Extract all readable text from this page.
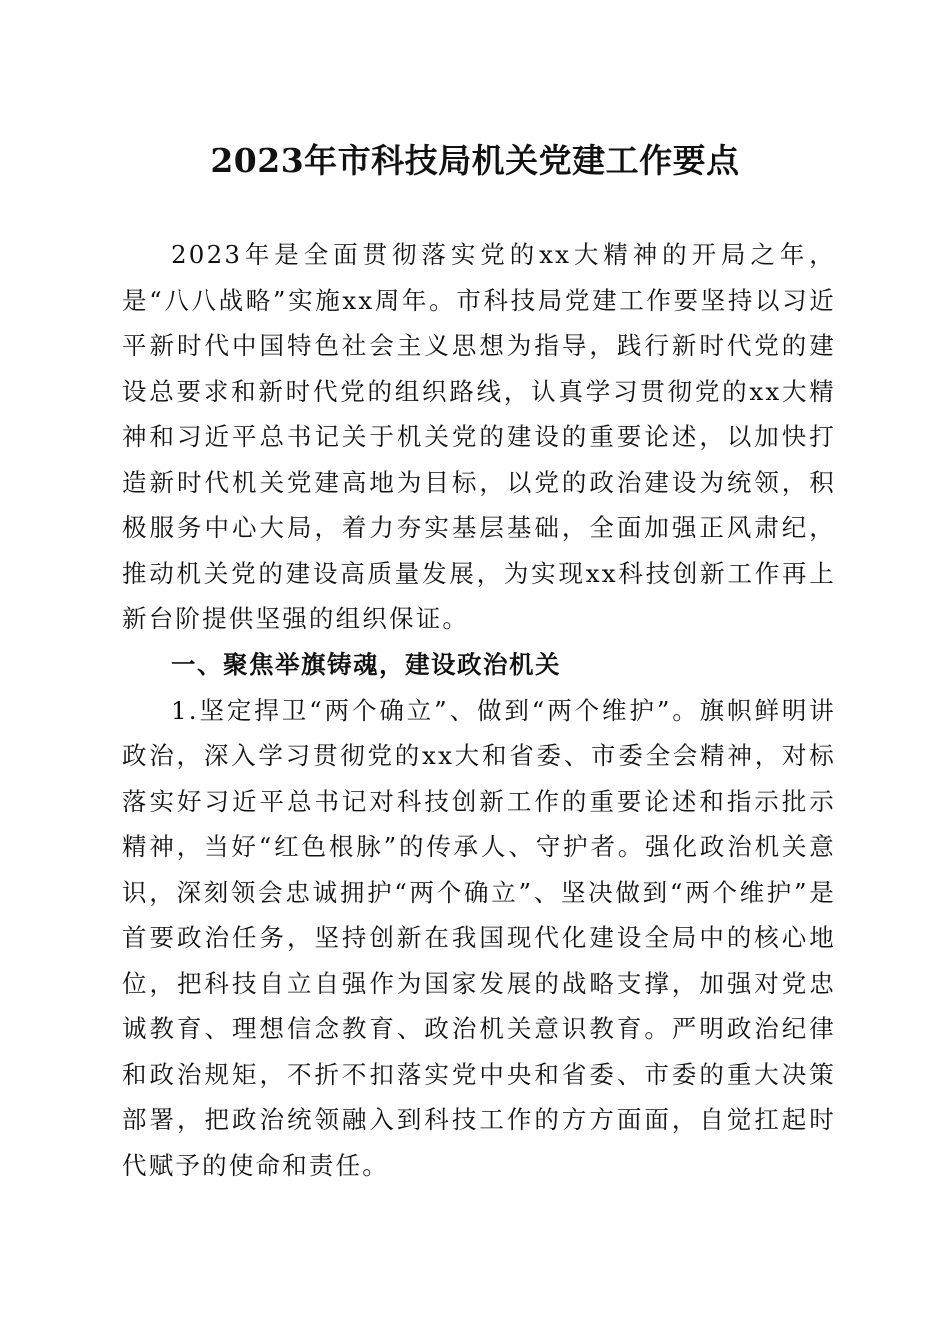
2023年市科技局机关党建工作要点

2023年是全面贯彻落实党的xx大精神的开局之年，是“八八战略”实施xx周年。市科技局党建工作要坚持以习近平新时代中国特色社会主义思想为指导，践行新时代党的建设总要求和新时代党的组织路线，认真学习贯彻党的xx大精神和习近平总书记关于机关党的建设的重要论述，以加快打造新时代机关党建高地为目标，以党的政治建设为统领，积极服务中心大局，着力夯实基层基础，全面加强正风肃纪，推动机关党的建设高质量发展，为实现xx科技创新工作再上新台阶提供坚强的组织保证。

一、聚焦举旗铸魂，建设政治机关

1.坚定捍卫“两个确立”、做到“两个维护”。旗帜鲜明讲政治，深入学习贯彻党的xx大和省委、市委全会精神，对标落实好习近平总书记对科技创新工作的重要论述和指示批示精神，当好“红色根脉”的传承人、守护者。强化政治机关意识，深刻领会忠诚拥护“两个确立”、坚决做到“两个维护”是首要政治任务，坚持创新在我国现代化建设全局中的核心地位，把科技自立自强作为国家发展的战略支撑，加强对党忠诚教育、理想信念教育、政治机关意识教育。严明政治纪律和政治规矩，不折不扣落实党中央和省委、市委的重大决策部署，把政治统领融入到科技工作的方方面面，自觉扛起时代赋予的使命和责任。
